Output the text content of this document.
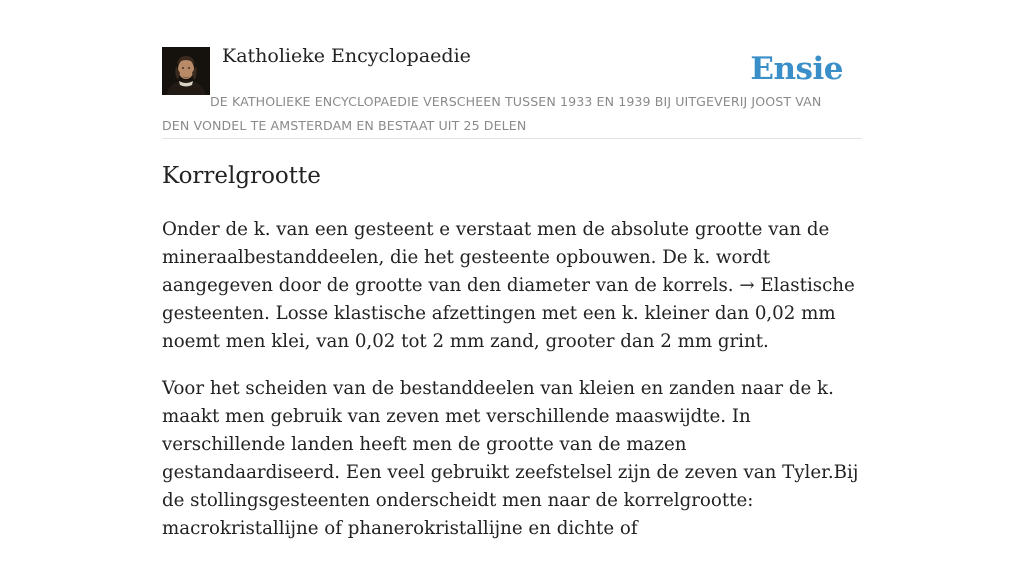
Katholieke Encyclopaedie	Ensie
DE KATHOLIEKE ENCYCLOPAEDIE VERSCHEEN TUSSEN 1933 EN 1939 BIJ UITGEVERIJ JOOST VAN DEN VONDEL TE AMSTERDAM EN BESTAAT UIT 25 DELEN
Korrelgrootte

Onder de k. van een gesteent e verstaat men de absolute grootte van de mineraalbestanddeelen, die het gesteente opbouwen. De k. wordt aangegeven door de grootte van den diameter van de korrels. → Elastische gesteenten. Losse klastische afzettingen met een k. kleiner dan 0,02 mm noemt men klei, van 0,02 tot 2 mm zand, grooter dan 2 mm grint.

Voor het scheiden van de bestanddeelen van kleien en zanden naar de k. maakt men gebruik van zeven met verschillende maaswijdte. In verschillende landen heeft men de grootte van de mazen gestandaardiseerd. Een veel gebruikt zeefstelsel zijn de zeven van Tyler.Bij de stollingsgesteenten onderscheidt men naar de korrelgrootte: macrokristallijne of phanerokristallijne en dichte of
